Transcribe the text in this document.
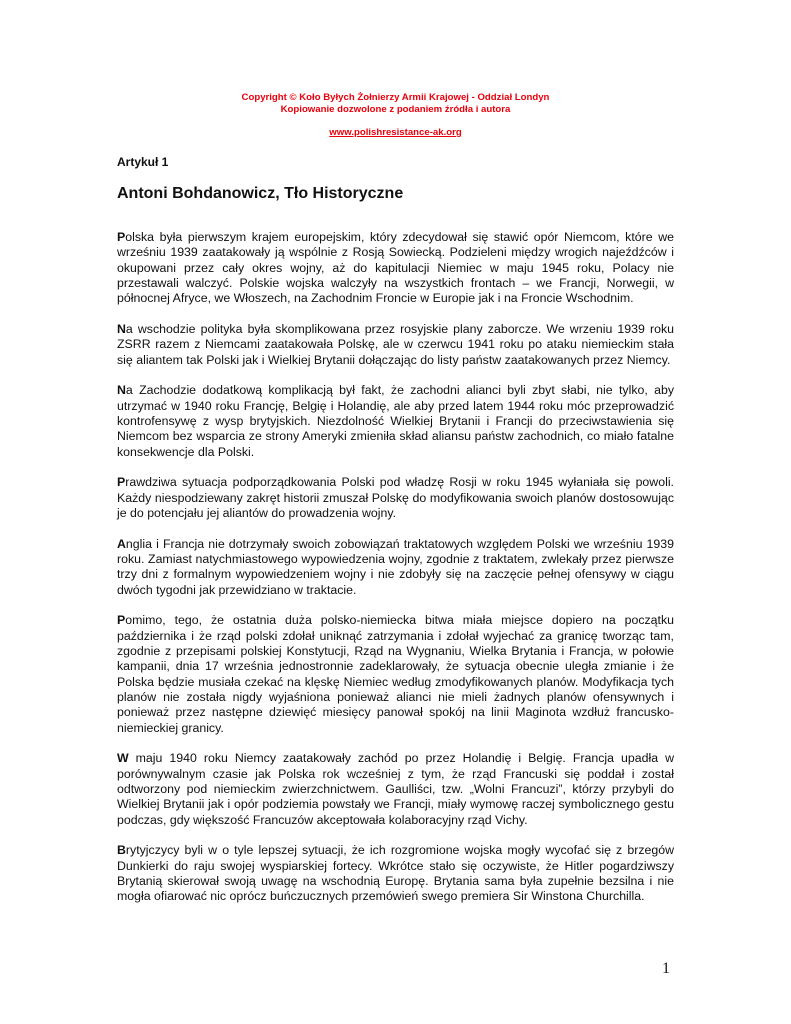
Copyright © Koło Byłych Żołnierzy Armii Krajowej - Oddział Londyn
Kopiowanie dozwolone z podaniem źródła i autora
www.polishresistance-ak.org
Artykuł 1
Antoni Bohdanowicz, Tło Historyczne

Polska była pierwszym krajem europejskim, który zdecydował się stawić opór Niemcom, które we wrześniu 1939 zaatakowały ją wspólnie z Rosją Sowiecką. Podzieleni między wrogich najeźdźców i okupowani przez cały okres wojny, aż do kapitulacji Niemiec w maju 1945 roku, Polacy nie przestawali walczyć. Polskie wojska walczyły na wszystkich frontach – we Francji, Norwegii, w północnej Afryce, we Włoszech, na Zachodnim Froncie w Europie jak i na Froncie Wschodnim.

Na wschodzie polityka była skomplikowana przez rosyjskie plany zaborcze. We wrzeniu 1939 roku ZSRR razem z Niemcami zaatakowała Polskę, ale w czerwcu 1941 roku po ataku niemieckim stała się aliantem tak Polski jak i Wielkiej Brytanii dołączając do listy państw zaatakowanych przez Niemcy.

Na Zachodzie dodatkową komplikacją był fakt, że zachodni alianci byli zbyt słabi, nie tylko, aby utrzymać w 1940 roku Francję, Belgię i Holandię, ale aby przed latem 1944 roku móc przeprowadzić kontrofensywę z wysp brytyjskich. Niezdolność Wielkiej Brytanii i Francji do przeciwstawienia się Niemcom bez wsparcia ze strony Ameryki zmieniła skład aliansu państw zachodnich, co miało fatalne konsekwencje dla Polski.

Prawdziwa sytuacja podporządkowania Polski pod władzę Rosji w roku 1945 wyłaniała się powoli. Każdy niespodziewany zakręt historii zmuszał Polskę do modyfikowania swoich planów dostosowując je do potencjału jej aliantów do prowadzenia wojny.

Anglia i Francja nie dotrzymały swoich zobowiązań traktatowych względem Polski we wrześniu 1939 roku. Zamiast natychmiastowego wypowiedzenia wojny, zgodnie z traktatem, zwlekały przez pierwsze trzy dni z formalnym wypowiedzeniem wojny i nie zdobyły się na zaczęcie pełnej ofensywy w ciągu dwóch tygodni jak przewidziano w traktacie.

Pomimo, tego, że ostatnia duża polsko-niemiecka bitwa miała miejsce dopiero na początku października i że rząd polski zdołał uniknąć zatrzymania i zdołał wyjechać za granicę tworząc tam, zgodnie z przepisami polskiej Konstytucji, Rząd na Wygnaniu, Wielka Brytania i Francja, w połowie kampanii, dnia 17 września jednostronnie zadeklarowały, że sytuacja obecnie uległa zmianie i że Polska będzie musiała czekać na klęskę Niemiec według zmodyfikowanych planów. Modyfikacja tych planów nie została nigdy wyjaśniona ponieważ alianci nie mieli żadnych planów ofensywnych i ponieważ przez następne dziewięć miesięcy panował spokój na linii Maginota wzdłuż francusko-niemieckiej granicy.

W maju 1940 roku Niemcy zaatakowały zachód po przez Holandię i Belgię. Francja upadła w porównywalnym czasie jak Polska rok wcześniej z tym, że rząd Francuski się poddał i został odtworzony pod niemieckim zwierzchnictwem. Gaulliści, tzw. „Wolni Francuzi”, którzy przybyli do Wielkiej Brytanii jak i opór podziemia powstały we Francji, miały wymowę raczej symbolicznego gestu podczas, gdy większość Francuzów akceptowała kolaboracyjny rząd Vichy.

Brytyjczycy byli w o tyle lepszej sytuacji, że ich rozgromione wojska mogły wycofać się z brzegów Dunkierki do raju swojej wyspiarskiej fortecy. Wkrótce stało się oczywiste, że Hitler pogardziwszy Brytanią skierował swoją uwagę na wschodnią Europę. Brytania sama była zupełnie bezsilna i nie mogła ofiarować nic oprócz buńczucznych przemówień swego premiera Sir Winstona Churchilla.

1
